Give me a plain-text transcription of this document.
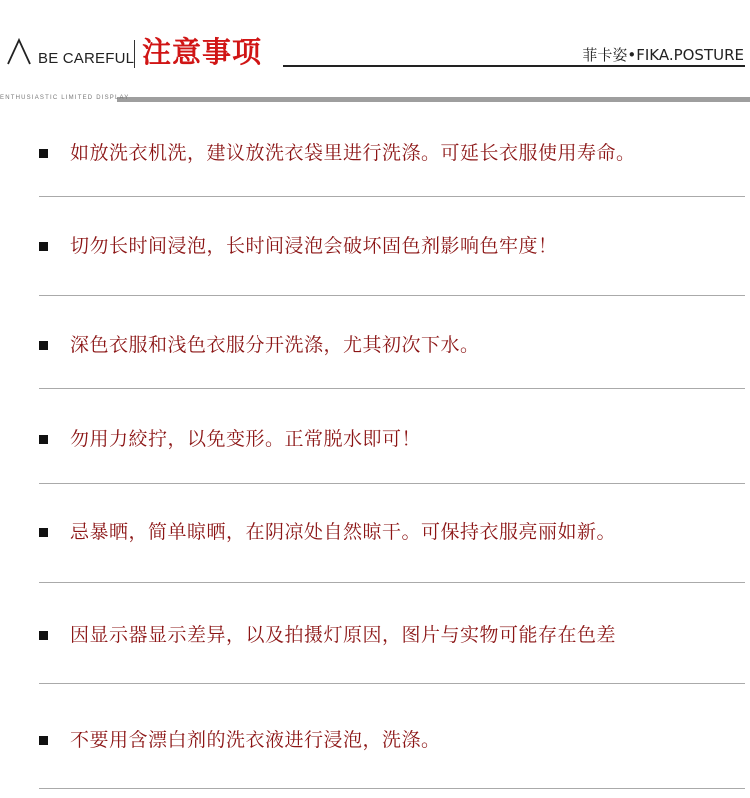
BE CAREFUL 注意事项	菲卡姿•FIKA.POSTURE
ENTHUSIASTIC LIMITED DISPLAY
如放洗衣机洗，建议放洗衣袋里进行洗涤。可延长衣服使用寿命。
切勿长时间浸泡，长时间浸泡会破坏固色剂影响色牢度！
深色衣服和浅色衣服分开洗涤，尤其初次下水。
勿用力絞拧，以免变形。正常脱水即可！
忌暴晒，简单晾晒，在阴凉处自然晾干。可保持衣服亮丽如新。
因显示器显示差异，以及拍摄灯原因，图片与实物可能存在色差
不要用含漂白剂的洗衣液进行浸泡，洗涤。
